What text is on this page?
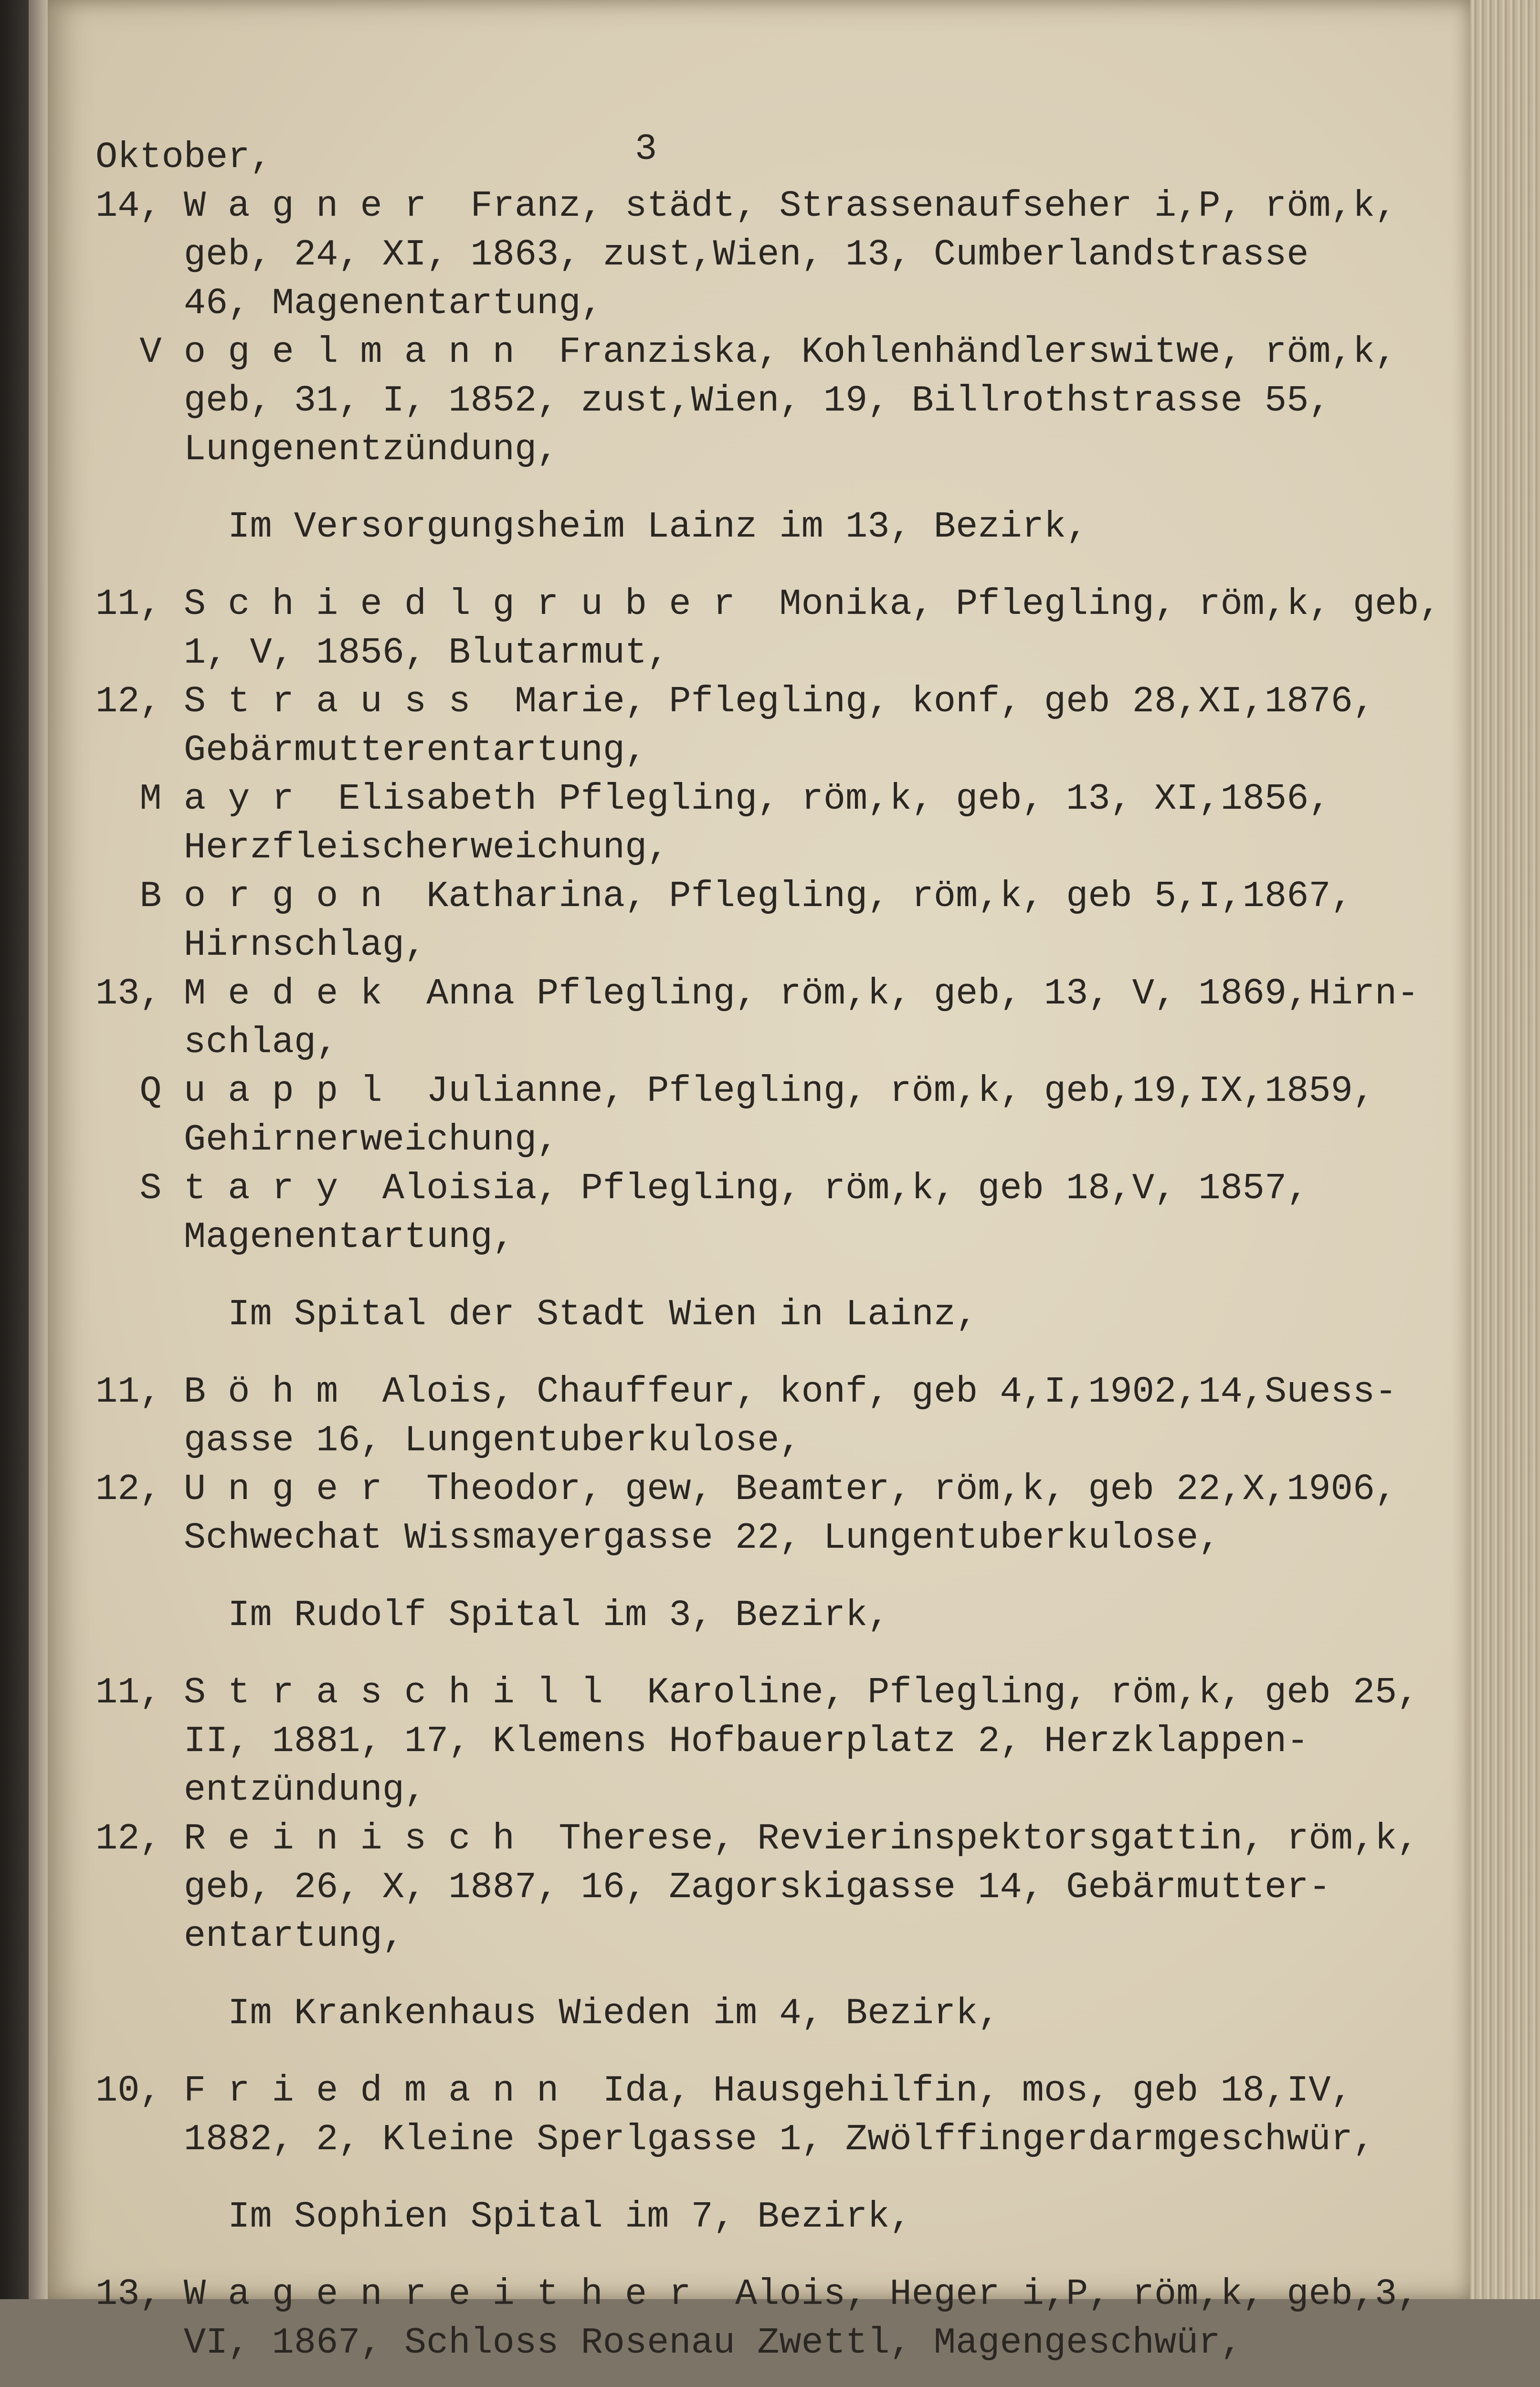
3
Oktober,
14, W a g n e r  Franz, städt, Strassenaufseher i,P, röm,k,
geb, 24, XI, 1863, zust,Wien, 13, Cumberlandstrasse
46, Magenentartung,
V o g e l m a n n  Franziska, Kohlenhändlerswitwe, röm,k,
geb, 31, I, 1852, zust,Wien, 19, Billrothstrasse 55,
Lungenentzündung,
Im Versorgungsheim Lainz im 13, Bezirk,
11, S c h i e d l g r u b e r  Monika, Pflegling, röm,k, geb,
1, V, 1856, Blutarmut,
12, S t r a u s s  Marie, Pflegling, konf, geb 28,XI,1876,
Gebärmutterentartung,
M a y r  Elisabeth Pflegling, röm,k, geb, 13, XI,1856,
Herzfleischerweichung,
B o r g o n  Katharina, Pflegling, röm,k, geb 5,I,1867,
Hirnschlag,
13, M e d e k  Anna Pflegling, röm,k, geb, 13, V, 1869,Hirn-
schlag,
Q u a p p l  Julianne, Pflegling, röm,k, geb,19,IX,1859,
Gehirnerweichung,
S t a r y  Aloisia, Pflegling, röm,k, geb 18,V, 1857,
Magenentartung,
Im Spital der Stadt Wien in Lainz,
11, B ö h m  Alois, Chauffeur, konf, geb 4,I,1902,14,Suess-
gasse 16, Lungentuberkulose,
12, U n g e r  Theodor, gew, Beamter, röm,k, geb 22,X,1906,
Schwechat Wissmayergasse 22, Lungentuberkulose,
Im Rudolf Spital im 3, Bezirk,
11, S t r a s c h i l l  Karoline, Pflegling, röm,k, geb 25,
II, 1881, 17, Klemens Hofbauerplatz 2, Herzklappen-
entzündung,
12, R e i n i s c h  Therese, Revierinspektorsgattin, röm,k,
geb, 26, X, 1887, 16, Zagorskigasse 14, Gebärmutter-
entartung,
Im Krankenhaus Wieden im 4, Bezirk,
10, F r i e d m a n n  Ida, Hausgehilfin, mos, geb 18,IV,
1882, 2, Kleine Sperlgasse 1, Zwölffingerdarmgeschwür,
Im Sophien Spital im 7, Bezirk,
13, W a g e n r e i t h e r  Alois, Heger i,P, röm,k, geb,3,
VI, 1867, Schloss Rosenau Zwettl, Magengeschwür,
